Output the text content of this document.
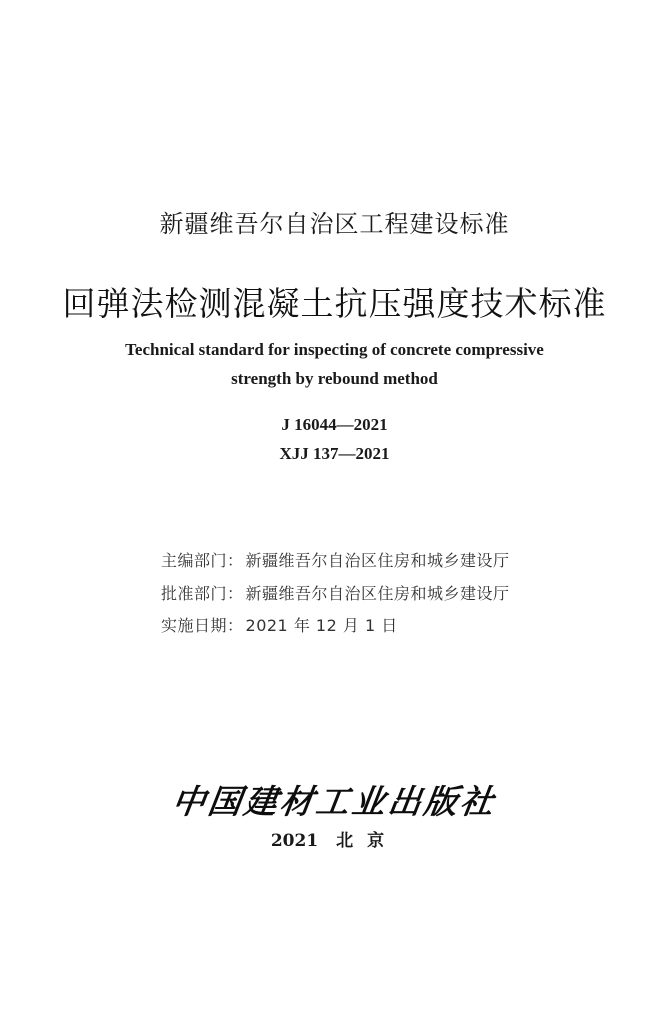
新疆维吾尔自治区工程建设标准
回弹法检测混凝土抗压强度技术标准
Technical standard for inspecting of concrete compressive
strength by rebound method
J 16044—2021
XJJ 137—2021
主编部门： 新疆维吾尔自治区住房和城乡建设厅
批准部门： 新疆维吾尔自治区住房和城乡建设厅
实施日期： 2021 年 12 月 1 日
中国建材工业出版社
2021 北京
